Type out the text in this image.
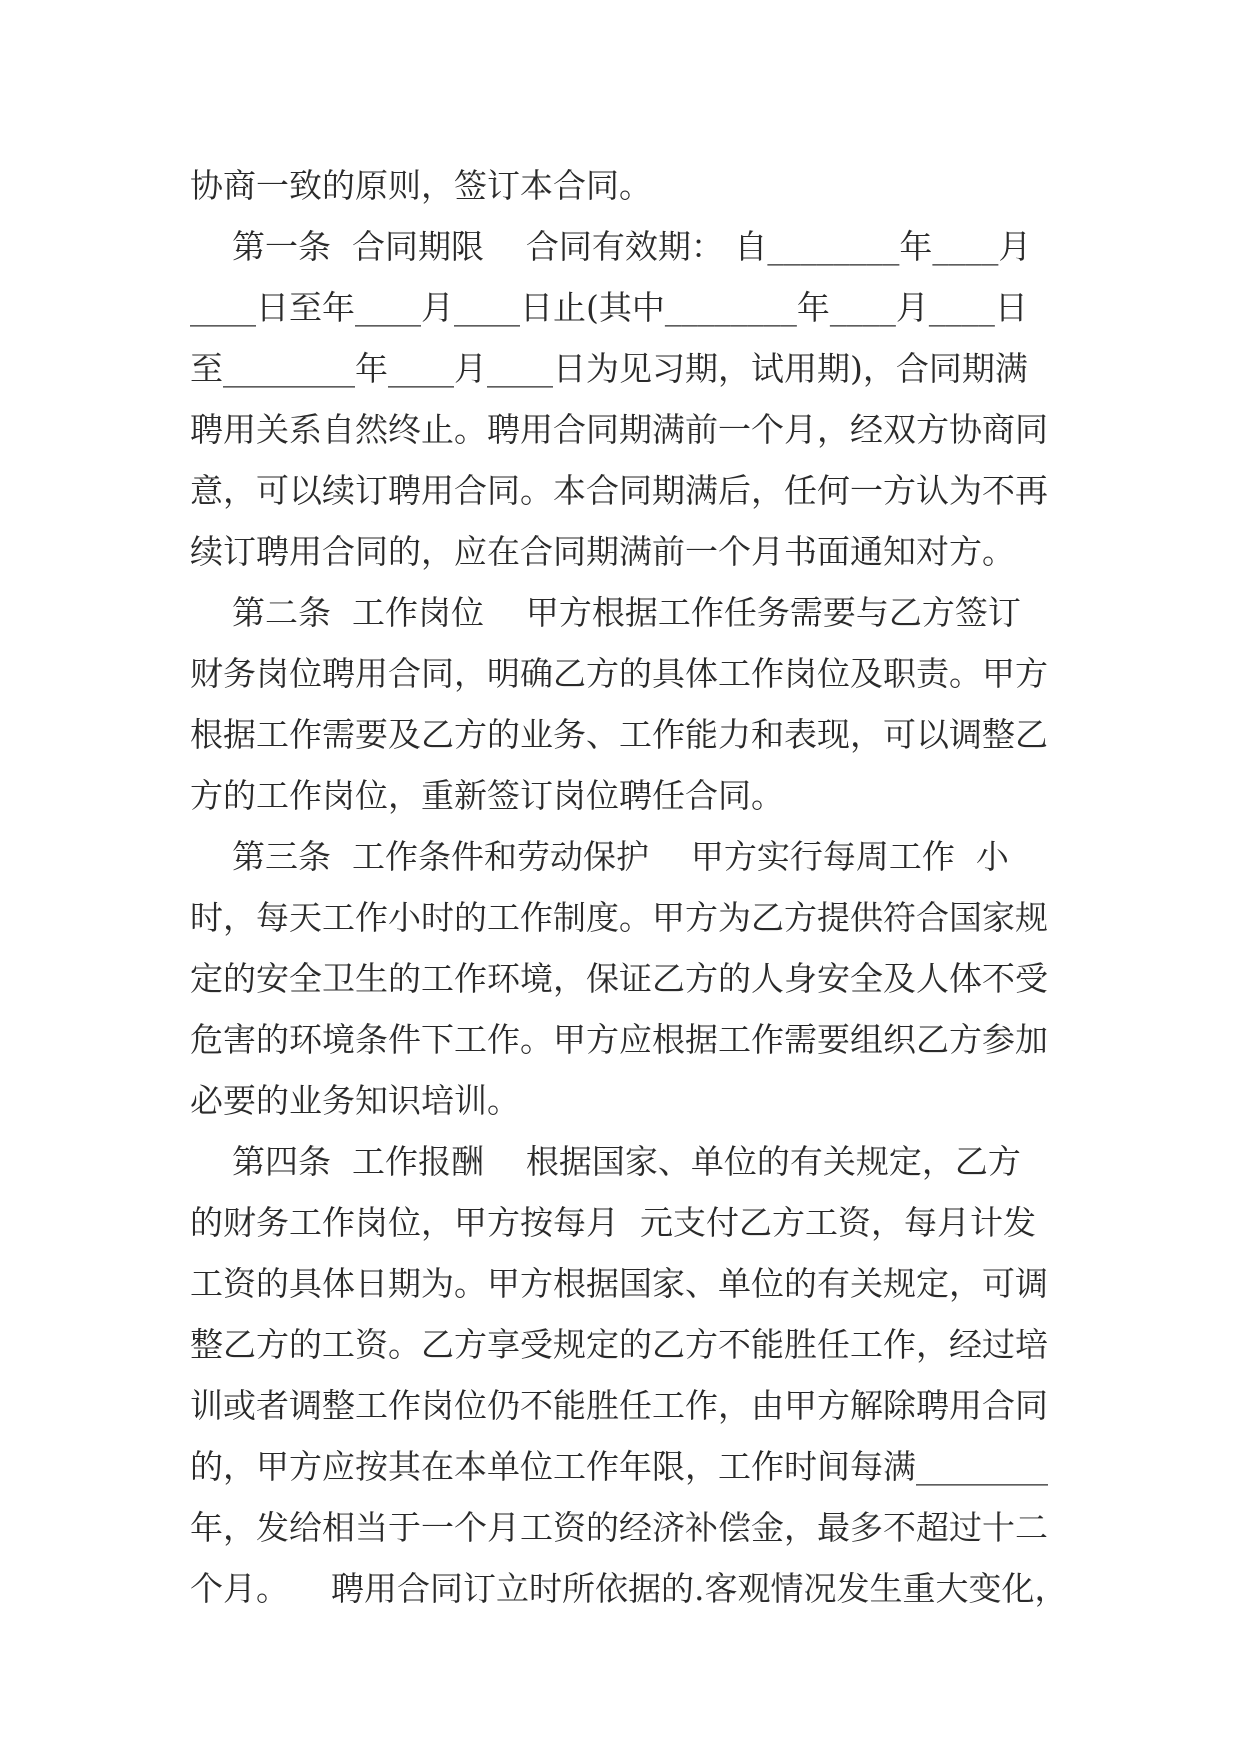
协商一致的原则，签订本合同。
第一条  合同期限    合同有效期： 自________年____月
____日至年____月____日止(其中________年____月____日
至________年____月____日为见习期，试用期)，合同期满
聘用关系自然终止。聘用合同期满前一个月，经双方协商同
意，可以续订聘用合同。本合同期满后，任何一方认为不再
续订聘用合同的，应在合同期满前一个月书面通知对方。
第二条  工作岗位    甲方根据工作任务需要与乙方签订
财务岗位聘用合同，明确乙方的具体工作岗位及职责。甲方
根据工作需要及乙方的业务、工作能力和表现，可以调整乙
方的工作岗位，重新签订岗位聘任合同。
第三条  工作条件和劳动保护    甲方实行每周工作  小
时，每天工作小时的工作制度。甲方为乙方提供符合国家规
定的安全卫生的工作环境，保证乙方的人身安全及人体不受
危害的环境条件下工作。甲方应根据工作需要组织乙方参加
必要的业务知识培训。
第四条  工作报酬    根据国家、单位的有关规定，乙方
的财务工作岗位，甲方按每月  元支付乙方工资，每月计发
工资的具体日期为。甲方根据国家、单位的有关规定，可调
整乙方的工资。乙方享受规定的乙方不能胜任工作，经过培
训或者调整工作岗位仍不能胜任工作，由甲方解除聘用合同
的，甲方应按其在本单位工作年限，工作时间每满________
年，发给相当于一个月工资的经济补偿金，最多不超过十二
个月。    聘用合同订立时所依据的.客观情况发生重大变化，
